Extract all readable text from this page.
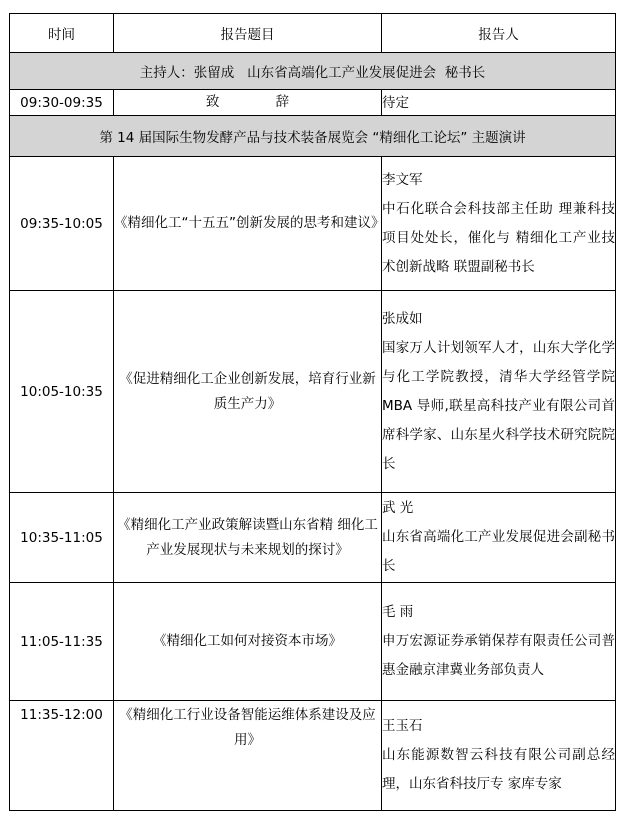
时间	报告题目	报告人
主持人：张留成   山东省高端化工产业发展促进会  秘书长		
09:30-09:35	致 辞	待定
第 14 届国际生物发酵产品与技术装备展览会 “精细化工论坛” 主题演讲		
09:35-10:05	《精细化工“十五五”创新发展的思考和建议》	李文军
中石化联合会科技部主任助 理兼科技项目处处长，催化与 精细化工产业技术创新战略 联盟副秘书长

10:05-10:35	《促进精细化工企业创新发展，培育行业新质生产力》	张成如
国家万人计划领军人才，山东大学化学与化工学院教授，清华大学经管学院 MBA 导师,联星高科技产业有限公司首席科学家、山东星火科学技术研究院院长

10:35-11:05	《精细化工产业政策解读暨山东省精 细化工产业发展现状与未来规划的探讨》	武 光
山东省高端化工产业发展促进会副秘书长

11:05-11:35	《精细化工如何对接资本市场》	毛 雨
申万宏源证券承销保荐有限责任公司普惠金融京津冀业务部负责人

11:35-12:00	《精细化工行业设备智能运维体系建设及应用》	王玉石
山东能源数智云科技有限公司副总经理，山东省科技厅专 家库专家
